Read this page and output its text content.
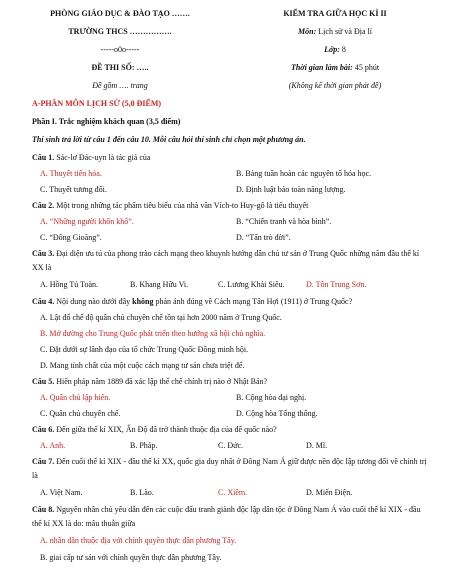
PHÒNG GIÁO DỤC & ĐÀO TẠO …….
TRƯỜNG THCS …………….
-----o0o-----
ĐỀ THI SỐ: …..
Đề gồm …. trang
KIỂM TRA GIỮA HỌC KÌ II
Môn: Lịch sử và Địa lí
Lớp: 8
Thời gian làm bài: 45 phút
(Không kể thời gian phát đề)
A-PHÂN MÔN LỊCH SỬ (5,0 ĐIỂM)
Phần I. Trắc nghiệm khách quan (3,5 điểm)
Thí sinh trả lời từ câu 1 đến câu 10. Mỗi câu hỏi thí sinh chỉ chọn một phương án.
Câu 1. Sác-lơ Đác-uyn là tác giả của
A. Thuyết tiến hóa.	B. Bảng tuần hoàn các nguyên tố hóa học.
C. Thuyết tương đối.	D. Định luật bảo toàn năng lượng.
Câu 2. Một trong những tác phẩm tiêu biểu của nhà văn Vích-to Huy-gô là tiểu thuyết
A. “Những người khốn khổ”.	B. “Chiến tranh và hòa bình”.
C. “Đông Gioăng”.	D. “Tấn trò đời”.
Câu 3. Đại diện ưu tú của phong trào cách mạng theo khuynh hướng dân chủ tư sản ở Trung Quốc những năm đầu thế kỉ XX là
A. Hồng Tú Toàn.	B. Khang Hữu Vi.	C. Lương Khải Siêu.	D. Tôn Trung Sơn.
Câu 4. Nội dung nào dưới đây không phản ánh đúng về Cách mạng Tân Hợi (1911) ở Trung Quốc?
A. Lật đổ chế độ quân chủ chuyên chế tồn tại hơn 2000 năm ở Trung Quốc.
B. Mở đường cho Trung Quốc phát triển theo hướng xã hội chủ nghĩa.
C. Đặt dưới sự lãnh đạo của tổ chức Trung Quốc Đồng minh hội.
D. Mang tính chất của một cuộc cách mạng tư sản chưa triệt để.
Câu 5. Hiến pháp năm 1889 đã xác lập thể chế chính trị nào ở Nhật Bản?
A. Quân chủ lập hiến.	B. Cộng hòa đại nghị.
C. Quân chủ chuyên chế.	D. Cộng hòa Tổng thống.
Câu 6. Đến giữa thế kỉ XIX, Ấn Độ đã trở thành thuộc địa của đế quốc nào?
A. Anh.	B. Pháp.	C. Đức.	D. Mĩ.
Câu 7. Đến cuối thế kỉ XIX - đầu thế kỉ XX, quốc gia duy nhất ở Đông Nam Á giữ được nền độc lập tương đối về chính trị là
A. Việt Nam.	B. Lào.	C. Xiêm.	D. Miến Điện.
Câu 8. Nguyên nhân chủ yếu dẫn đến các cuộc đấu tranh giành độc lập dân tộc ở Đông Nam Á vào cuối thế kỉ XIX - đầu thế kỉ XX là do: mâu thuẫn giữa
A. nhân dân thuộc địa với chính quyền thực dân phương Tây.
B. giai cấp tư sản với chính quyền thực dân phương Tây.
